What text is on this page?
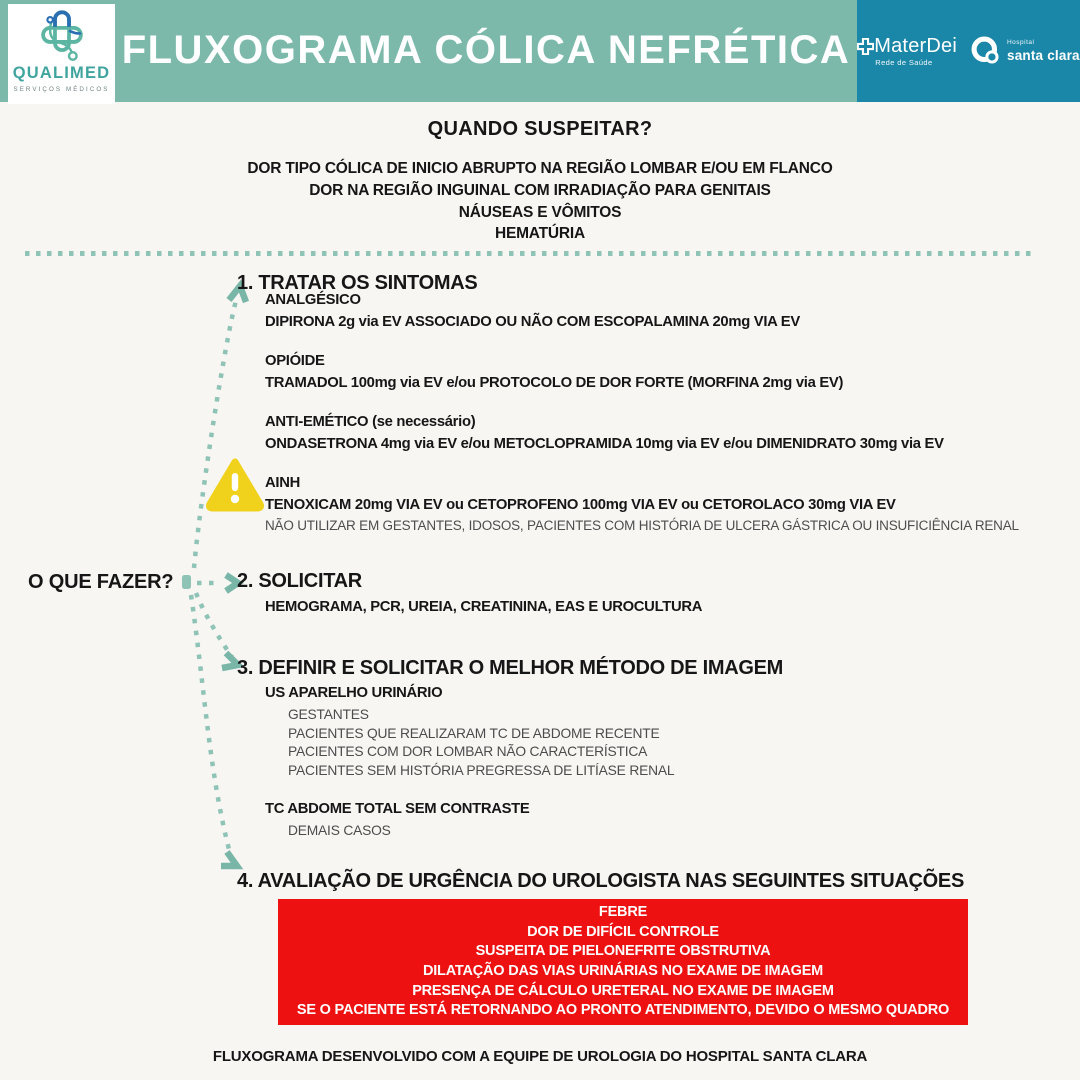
FLUXOGRAMA CÓLICA NEFRÉTICA
QUALIMED
SERVIÇOS MÉDICOS
MaterDei
Rede de Saúde
Hospital
santa clara
QUANDO SUSPEITAR?
DOR TIPO CÓLICA DE INICIO ABRUPTO NA REGIÃO LOMBAR E/OU EM FLANCO
DOR NA REGIÃO INGUINAL COM IRRADIAÇÃO PARA GENITAIS
NÁUSEAS E VÔMITOS
HEMATÚRIA
O QUE FAZER?
1. TRATAR OS SINTOMAS
ANALGÉSICO
DIPIRONA 2g via EV ASSOCIADO OU NÃO COM ESCOPALAMINA 20mg VIA EV
OPIÓIDE
TRAMADOL 100mg via EV e/ou PROTOCOLO DE DOR FORTE (MORFINA 2mg via EV)
ANTI-EMÉTICO (se necessário)
ONDASETRONA 4mg via EV e/ou METOCLOPRAMIDA 10mg via EV e/ou DIMENIDRATO 30mg via EV
AINH
TENOXICAM 20mg VIA EV ou CETOPROFENO 100mg VIA EV ou CETOROLACO 30mg VIA EV
NÃO UTILIZAR EM GESTANTES, IDOSOS, PACIENTES COM HISTÓRIA DE ULCERA GÁSTRICA OU INSUFICIÊNCIA RENAL
2. SOLICITAR
HEMOGRAMA, PCR, UREIA, CREATININA, EAS E UROCULTURA
3. DEFINIR E SOLICITAR O MELHOR MÉTODO DE IMAGEM
US APARELHO URINÁRIO
GESTANTES
PACIENTES QUE REALIZARAM TC DE ABDOME RECENTE
PACIENTES COM DOR LOMBAR NÃO CARACTERÍSTICA
PACIENTES SEM HISTÓRIA PREGRESSA DE LITÍASE RENAL
TC ABDOME TOTAL SEM CONTRASTE
DEMAIS CASOS
4. AVALIAÇÃO DE URGÊNCIA DO UROLOGISTA NAS SEGUINTES SITUAÇÕES
FEBRE
DOR DE DIFÍCIL CONTROLE
SUSPEITA DE PIELONEFRITE OBSTRUTIVA
DILATAÇÃO DAS VIAS URINÁRIAS NO EXAME DE IMAGEM
PRESENÇA DE CÁLCULO URETERAL NO EXAME DE IMAGEM
SE O PACIENTE ESTÁ RETORNANDO AO PRONTO ATENDIMENTO, DEVIDO O MESMO QUADRO
FLUXOGRAMA DESENVOLVIDO COM A EQUIPE DE UROLOGIA DO HOSPITAL SANTA CLARA
